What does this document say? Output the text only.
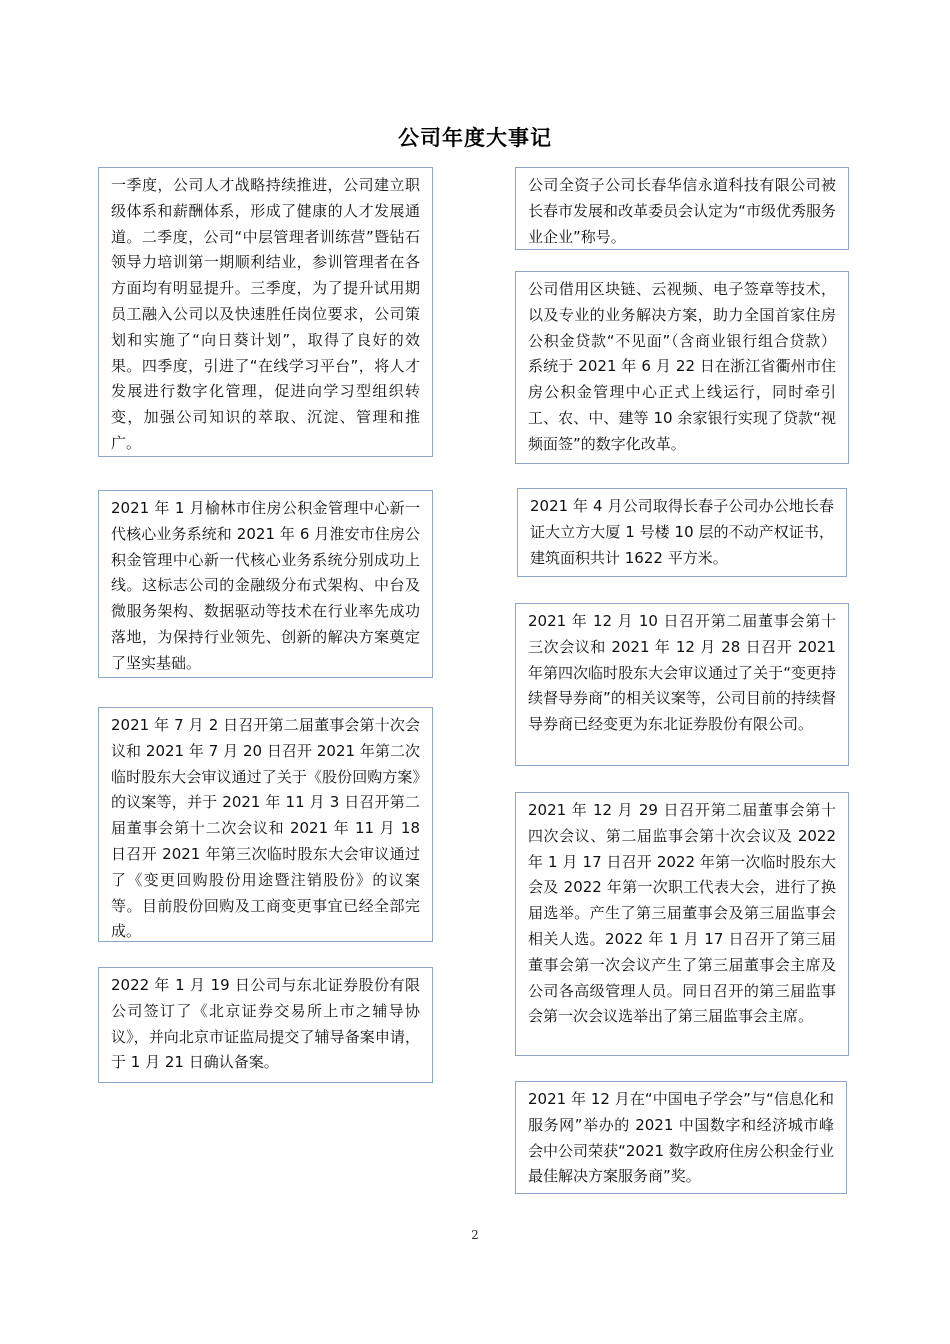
公司年度大事记
一季度，公司人才战略持续推进，公司建立职级体系和薪酬体系，形成了健康的人才发展通道。二季度，公司“中层管理者训练营”暨钻石领导力培训第一期顺利结业，参训管理者在各方面均有明显提升。三季度，为了提升试用期员工融入公司以及快速胜任岗位要求，公司策划和实施了“向日葵计划”，取得了良好的效果。四季度，引进了“在线学习平台”，将人才发展进行数字化管理，促进向学习型组织转变，加强公司知识的萃取、沉淀、管理和推广。
2021 年 1 月榆林市住房公积金管理中心新一代核心业务系统和 2021 年 6 月淮安市住房公积金管理中心新一代核心业务系统分别成功上线。这标志公司的金融级分布式架构、中台及微服务架构、数据驱动等技术在行业率先成功落地，为保持行业领先、创新的解决方案奠定了坚实基础。
2021 年 7 月 2 日召开第二届董事会第十次会议和 2021 年 7 月 20 日召开 2021 年第二次临时股东大会审议通过了关于《股份回购方案》的议案等，并于 2021 年 11 月 3 日召开第二届董事会第十二次会议和 2021 年 11 月 18 日召开 2021 年第三次临时股东大会审议通过了《变更回购股份用途暨注销股份》的议案等。目前股份回购及工商变更事宜已经全部完成。
2022 年 1 月 19 日公司与东北证券股份有限公司签订了《北京证券交易所上市之辅导协议》，并向北京市证监局提交了辅导备案申请，于 1 月 21 日确认备案。
公司全资子公司长春华信永道科技有限公司被长春市发展和改革委员会认定为“市级优秀服务业企业”称号。
公司借用区块链、云视频、电子签章等技术，以及专业的业务解决方案，助力全国首家住房公积金贷款“不见面”（含商业银行组合贷款）系统于 2021 年 6 月 22 日在浙江省衢州市住房公积金管理中心正式上线运行，同时牵引工、农、中、建等 10 余家银行实现了贷款“视频面签”的数字化改革。
2021 年 4 月公司取得长春子公司办公地长春证大立方大厦 1 号楼 10 层的不动产权证书，建筑面积共计 1622 平方米。
2021 年 12 月 10 日召开第二届董事会第十三次会议和 2021 年 12 月 28 日召开 2021 年第四次临时股东大会审议通过了关于“变更持续督导券商”的相关议案等，公司目前的持续督导券商已经变更为东北证券股份有限公司。
2021 年 12 月 29 日召开第二届董事会第十四次会议、第二届监事会第十次会议及 2022 年 1 月 17 日召开 2022 年第一次临时股东大会及 2022 年第一次职工代表大会，进行了换届选举。产生了第三届董事会及第三届监事会相关人选。2022 年 1 月 17 日召开了第三届董事会第一次会议产生了第三届董事会主席及公司各高级管理人员。同日召开的第三届监事会第一次会议选举出了第三届监事会主席。
2021 年 12 月在“中国电子学会”与“信息化和服务网”举办的 2021 中国数字和经济城市峰会中公司荣获“2021 数字政府住房公积金行业最佳解决方案服务商”奖。
2
